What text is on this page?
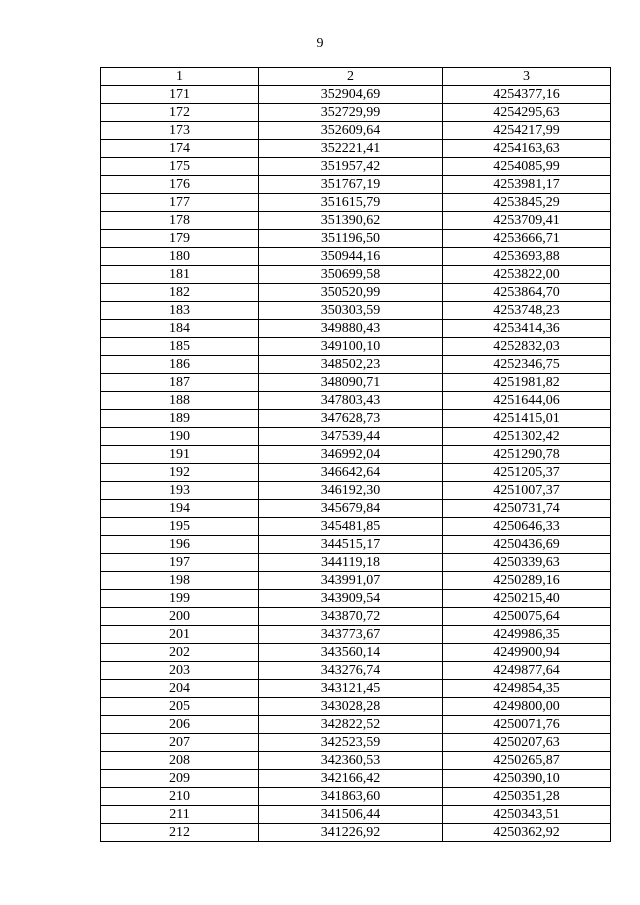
9
1	2	3
171	352904,69	4254377,16
172	352729,99	4254295,63
173	352609,64	4254217,99
174	352221,41	4254163,63
175	351957,42	4254085,99
176	351767,19	4253981,17
177	351615,79	4253845,29
178	351390,62	4253709,41
179	351196,50	4253666,71
180	350944,16	4253693,88
181	350699,58	4253822,00
182	350520,99	4253864,70
183	350303,59	4253748,23
184	349880,43	4253414,36
185	349100,10	4252832,03
186	348502,23	4252346,75
187	348090,71	4251981,82
188	347803,43	4251644,06
189	347628,73	4251415,01
190	347539,44	4251302,42
191	346992,04	4251290,78
192	346642,64	4251205,37
193	346192,30	4251007,37
194	345679,84	4250731,74
195	345481,85	4250646,33
196	344515,17	4250436,69
197	344119,18	4250339,63
198	343991,07	4250289,16
199	343909,54	4250215,40
200	343870,72	4250075,64
201	343773,67	4249986,35
202	343560,14	4249900,94
203	343276,74	4249877,64
204	343121,45	4249854,35
205	343028,28	4249800,00
206	342822,52	4250071,76
207	342523,59	4250207,63
208	342360,53	4250265,87
209	342166,42	4250390,10
210	341863,60	4250351,28
211	341506,44	4250343,51
212	341226,92	4250362,92
